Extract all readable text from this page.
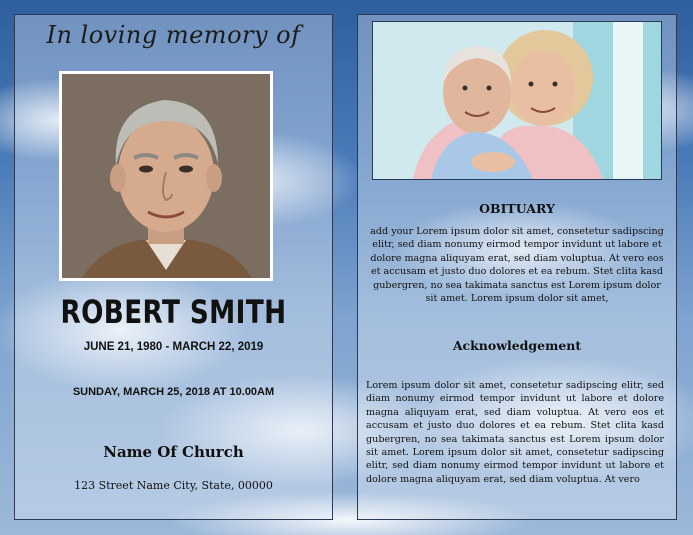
In loving memory of
ROBERT SMITH
JUNE 21, 1980 - MARCH 22, 2019
SUNDAY, MARCH 25, 2018 AT 10.00AM
Name Of Church
123 Street Name City, State, 00000
OBITUARY
add your Lorem ipsum dolor sit amet, consetetur sadipscing elitr, sed diam nonumy eirmod tempor invidunt ut labore et dolore magna aliquyam erat, sed diam voluptua. At vero eos et accusam et justo duo dolores et ea rebum. Stet clita kasd gubergren, no sea takimata sanctus est Lorem ipsum dolor sit amet. Lorem ipsum dolor sit amet,
Acknowledgement
Lorem ipsum dolor sit amet, consetetur sadipscing elitr, sed diam nonumy eirmod tempor invidunt ut labore et dolore magna aliquyam erat, sed diam voluptua. At vero eos et accusam et justo duo dolores et ea rebum. Stet clita kasd gubergren, no sea takimata sanctus est Lorem ipsum dolor sit amet. Lorem ipsum dolor sit amet, consetetur sadipscing elitr, sed diam nonumy eirmod tempor invidunt ut labore et dolore magna aliquyam erat, sed diam voluptua. At vero
